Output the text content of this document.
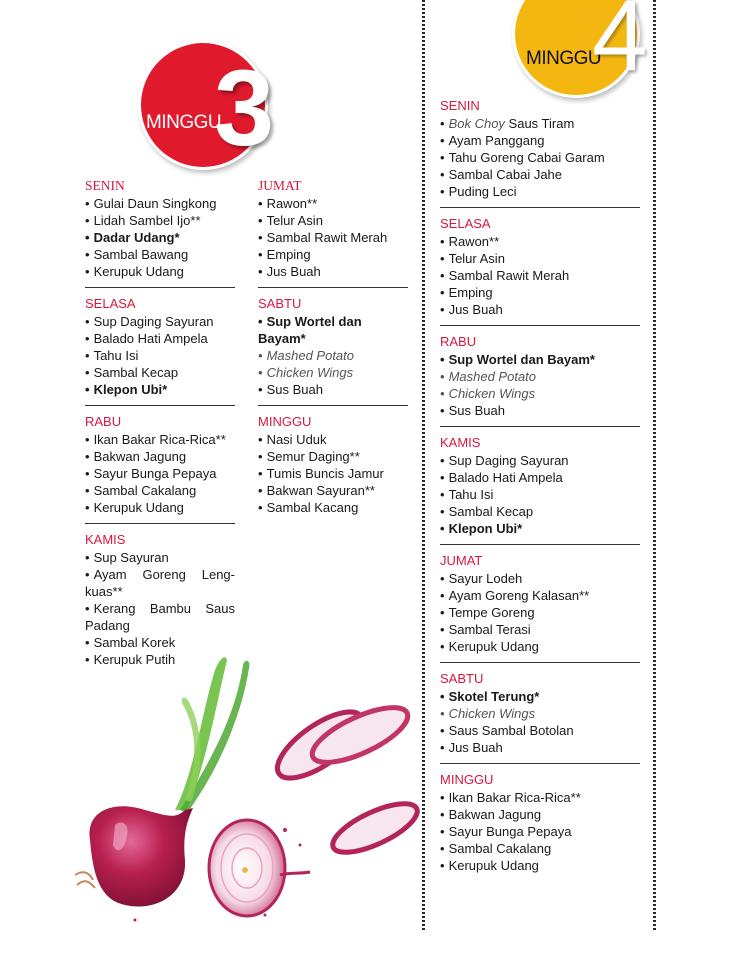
MINGGU
3	MINGGU
4
SENIN
• Gulai Daun Singkong
• Lidah Sambel Ijo**
• Dadar Udang*
• Sambal Bawang
• Kerupuk Udang
SELASA
• Sup Daging Sayuran
• Balado Hati Ampela
• Tahu Isi
• Sambal Kecap
• Klepon Ubi*
RABU
• Ikan Bakar Rica-Rica**
• Bakwan Jagung
• Sayur Bunga Pepaya
• Sambal Cakalang
• Kerupuk Udang
KAMIS
• Sup Sayuran
• Ayam Goreng Leng-kuas**
• Kerang Bambu Saus Padang
• Sambal Korek
• Kerupuk Putih
JUMAT
• Rawon**
• Telur Asin
• Sambal Rawit Merah
• Emping
• Jus Buah
SABTU
• Sup Wortel dan Bayam*
• Mashed Potato
• Chicken Wings
• Sus Buah
MINGGU
• Nasi Uduk
• Semur Daging**
• Tumis Buncis Jamur
• Bakwan Sayuran**
• Sambal Kacang
SENIN
• Bok Choy Saus Tiram
• Ayam Panggang
• Tahu Goreng Cabai Garam
• Sambal Cabai Jahe
• Puding Leci
SELASA
• Rawon**
• Telur Asin
• Sambal Rawit Merah
• Emping
• Jus Buah
RABU
• Sup Wortel dan Bayam*
• Mashed Potato
• Chicken Wings
• Sus Buah
KAMIS
• Sup Daging Sayuran
• Balado Hati Ampela
• Tahu Isi
• Sambal Kecap
• Klepon Ubi*
JUMAT
• Sayur Lodeh
• Ayam Goreng Kalasan**
• Tempe Goreng
• Sambal Terasi
• Kerupuk Udang
SABTU
• Skotel Terung*
• Chicken Wings
• Saus Sambal Botolan
• Jus Buah
MINGGU
• Ikan Bakar Rica-Rica**
• Bakwan Jagung
• Sayur Bunga Pepaya
• Sambal Cakalang
• Kerupuk Udang
